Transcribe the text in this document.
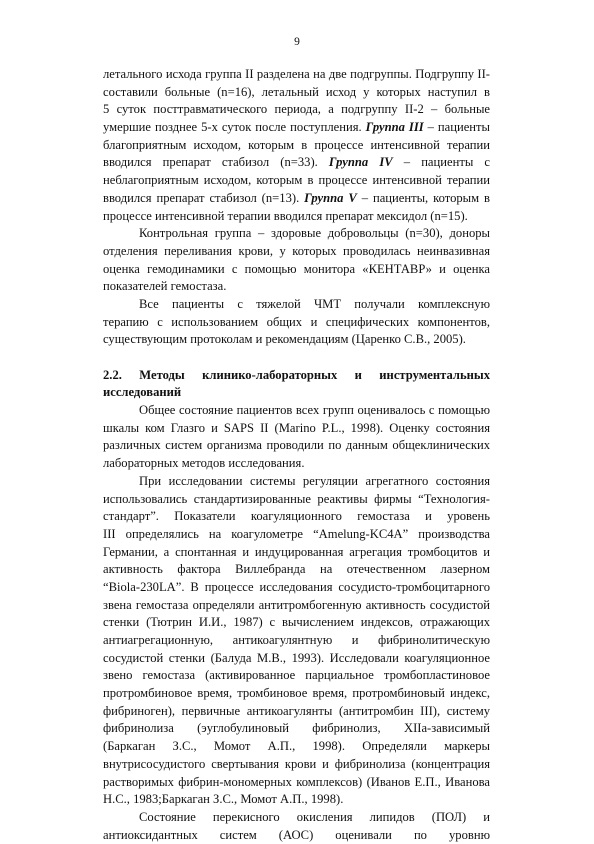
9
летального исхода группа II разделена на две подгруппы. Подгруппу II-
составили больные (n=16), летальный исход у которых наступил в
5 суток посттравматического периода, а подгруппу II-2 – больные
умершие позднее 5-х суток после поступления. Группа III – пациенты
благоприятным исходом, которым в процессе интенсивной терапии
вводился препарат стабизол (n=33). Группа IV – пациенты с
неблагоприятным исходом, которым в процессе интенсивной терапии
вводился препарат стабизол (n=13). Группа V – пациенты, которым в
процессе интенсивной терапии вводился препарат мексидол (n=15).
Контрольная группа – здоровые добровольцы (n=30), доноры
отделения переливания крови, у которых проводилась неинвазивная
оценка гемодинамики с помощью монитора «КЕНТАВР» и оценка
показателей гемостаза.
Все пациенты с тяжелой ЧМТ получали комплексную
терапию с использованием общих и специфических компонентов,
существующим протоколам и рекомендациям (Царенко С.В., 2005).
2.2. Методы клинико-лабораторных и инструментальных
исследований
Общее состояние пациентов всех групп оценивалось с помощью
шкалы ком Глазго и SAPS II (Marino P.L., 1998). Оценку состояния
различных систем организма проводили по данным общеклинических
лабораторных методов исследования.
При исследовании системы регуляции агрегатного состояния
использовались стандартизированные реактивы фирмы “Технология-
стандарт”. Показатели коагуляционного гемостаза и уровень
III определялись на коагулометре “Amelung-KC4A” производства
Германии, а спонтанная и индуцированная агрегация тромбоцитов и
активность фактора Виллебранда на отечественном лазерном
“Biola-230LA”. В процессе исследования сосудисто-тромбоцитарного
звена гемостаза определяли антитромбогенную активность сосудистой
стенки (Тютрин И.И., 1987) с вычислением индексов, отражающих
антиагрегационную, антикоагулянтную и фибринолитическую
сосудистой стенки (Балуда М.В., 1993). Исследовали коагуляционное
звено гемостаза (активированное парциальное тромбопластиновое
протромбиновое время, тромбиновое время, протромбиновый индекс,
фибриноген), первичные антикоагулянты (антитромбин III), систему
фибринолиза (эуглобулиновый фибринолиз, XIIа-зависимый
(Баркаган З.С., Момот А.П., 1998). Определяли маркеры
внутрисосудистого свертывания крови и фибринолиза (концентрация
растворимых фибрин-мономерных комплексов) (Иванов Е.П., Иванова
Н.С., 1983;Баркаган З.С., Момот А.П., 1998).
Состояние перекисного окисления липидов (ПОЛ) и
антиоксидантных систем (АОС) оценивали по уровню
